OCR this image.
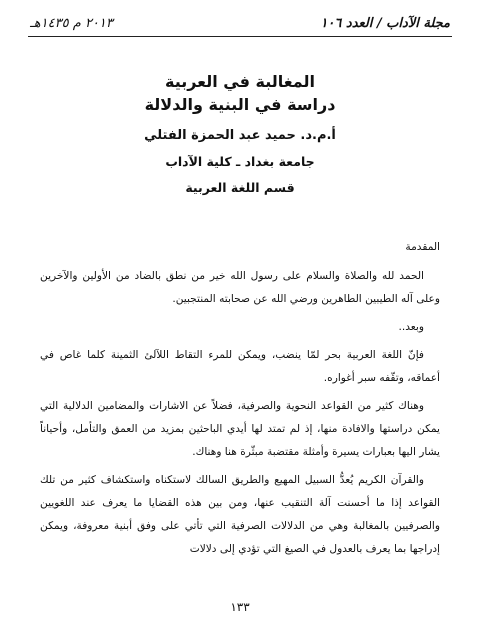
مجلة الآداب / العدد ١٠٦
٢٠١٣ م ١٤٣٥هـ
المغالبة في العربية
دراسة في البنية والدلالة
أ.م.د. حميد عبد الحمزة الفتلي
جامعة بغداد ـ كلية الآداب
قسم اللغة العربية
المقدمة

الحمد لله والصلاة والسلام على رسول الله خير من نطق بالضاد من الأولين والآخرين وعلى آله الطيبين الطاهرين ورضي الله عن صحابته المنتجبين.

وبعد..

فإنّ اللغة العربية بحر لمّا ينضب، ويمكن للمرء التقاط اللآلئ الثمينة كلما غاص في أعماقه، وتقّفه سبر أغواره.

وهناك كثير من القواعد النحوية والصرفية، فضلاً عن الاشارات والمضامين الدلالية التي يمكن دراستها والافادة منها، إذ لم تمتد لها أيدي الباحثين بمزيد من العمق والتأمل، وأحياناً يشار اليها بعبارات يسيرة وأمثلة مقتضبة مبثّرة هنا وهناك.

والقرآن الكريم يُعدُّ السبيل المهيع والطريق السالك لاستكناه واستكشاف كثير من تلك القواعد إذا ما أحسنت آلة التنقيب عنها، ومن بين هذه القضايا ما يعرف عند اللغويين والصرفيين بالمغالبة وهي من الدلالات الصرفية التي تأتي على وفق أبنية معروفة، ويمكن إدراجها بما يعرف بالعدول في الصيغ التي تؤدي إلى دلالات

١٣٣
